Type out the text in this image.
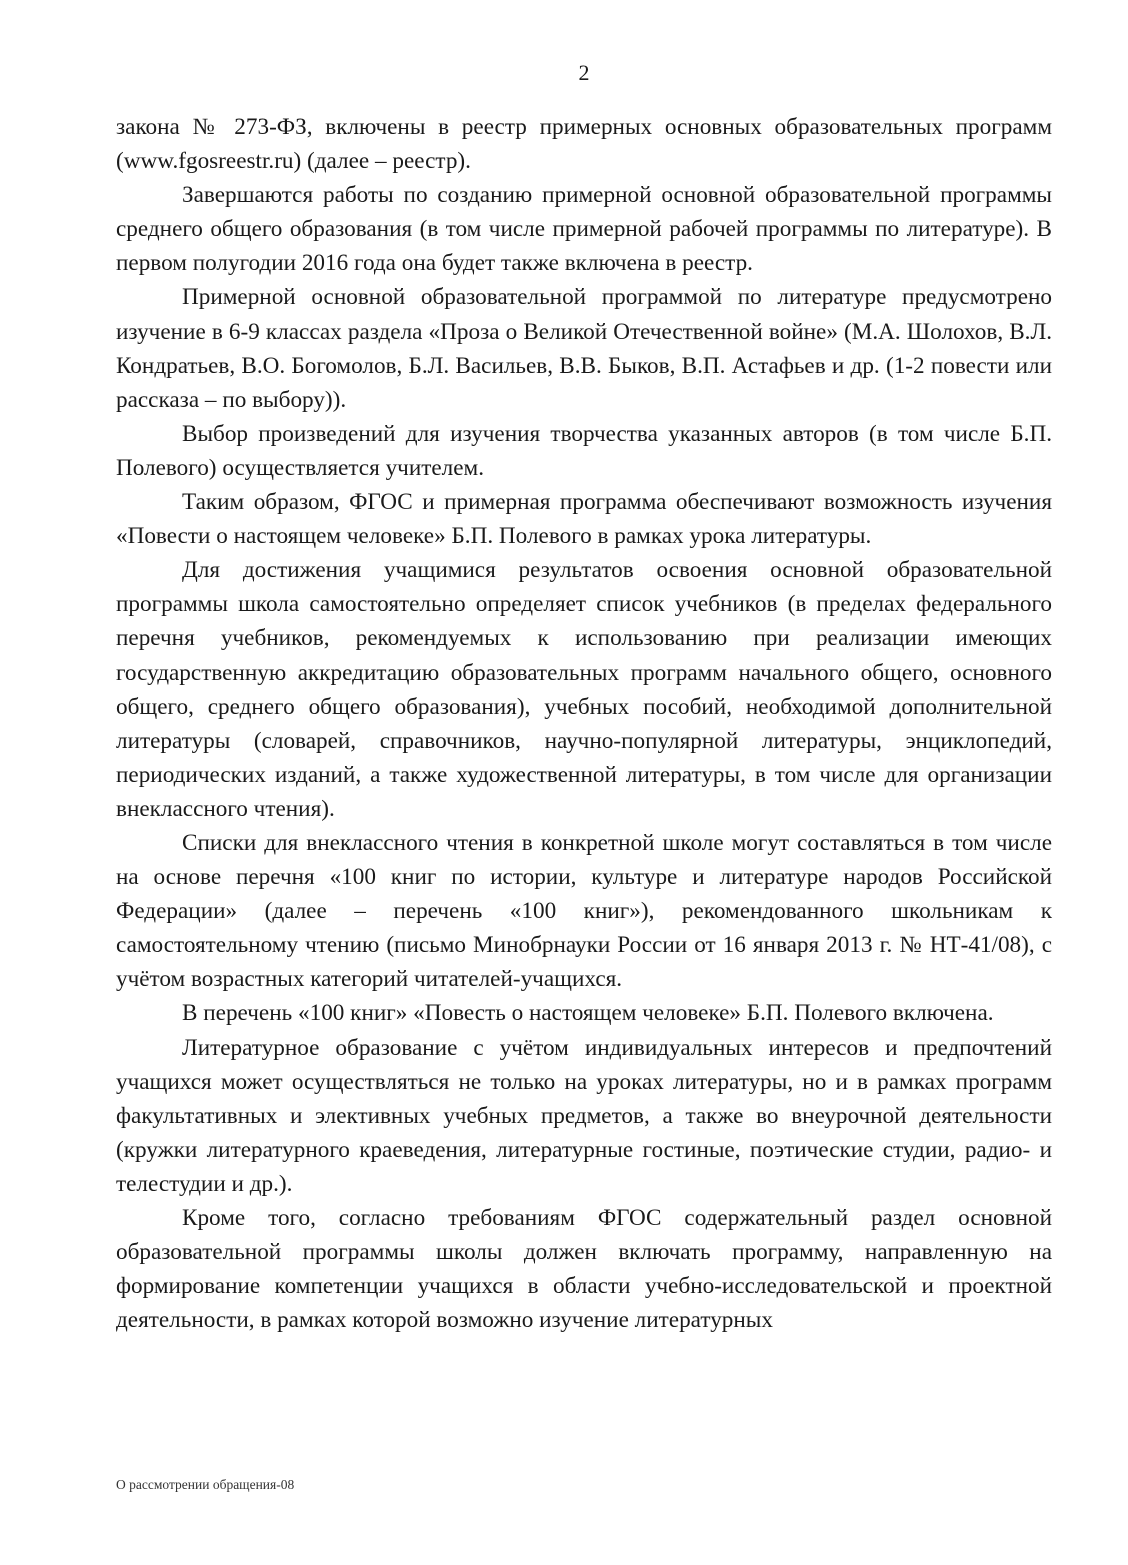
2

закона № 273-ФЗ, включены в реестр примерных основных образовательных программ (www.fgosreestr.ru) (далее – реестр).

Завершаются работы по созданию примерной основной образовательной программы среднего общего образования (в том числе примерной рабочей программы по литературе). В первом полугодии 2016 года она будет также включена в реестр.

Примерной основной образовательной программой по литературе предусмотрено изучение в 6-9 классах раздела «Проза о Великой Отечественной войне» (М.А. Шолохов, В.Л. Кондратьев, В.О. Богомолов, Б.Л. Васильев, В.В. Быков, В.П. Астафьев и др. (1-2 повести или рассказа – по выбору)).

Выбор произведений для изучения творчества указанных авторов (в том числе Б.П. Полевого) осуществляется учителем.

Таким образом, ФГОС и примерная программа обеспечивают возможность изучения «Повести о настоящем человеке» Б.П. Полевого в рамках урока литературы.

Для достижения учащимися результатов освоения основной образовательной программы школа самостоятельно определяет список учебников (в пределах федерального перечня учебников, рекомендуемых к использованию при реализации имеющих государственную аккредитацию образовательных программ начального общего, основного общего, среднего общего образования), учебных пособий, необходимой дополнительной литературы (словарей, справочников, научно-популярной литературы, энциклопедий, периодических изданий, а также художественной литературы, в том числе для организации внеклассного чтения).

Списки для внеклассного чтения в конкретной школе могут составляться в том числе на основе перечня «100 книг по истории, культуре и литературе народов Российской Федерации» (далее – перечень «100 книг»), рекомендованного школьникам к самостоятельному чтению (письмо Минобрнауки России от 16 января 2013 г. № НТ-41/08), с учётом возрастных категорий читателей-учащихся.

В перечень «100 книг» «Повесть о настоящем человеке» Б.П. Полевого включена.

Литературное образование с учётом индивидуальных интересов и предпочтений учащихся может осуществляться не только на уроках литературы, но и в рамках программ факультативных и элективных учебных предметов, а также во внеурочной деятельности (кружки литературного краеведения, литературные гостиные, поэтические студии, радио- и телестудии и др.).

Кроме того, согласно требованиям ФГОС содержательный раздел основной образовательной программы школы должен включать программу, направленную на формирование компетенции учащихся в области учебно-исследовательской и проектной деятельности, в рамках которой возможно изучение литературных

О рассмотрении обращения-08
